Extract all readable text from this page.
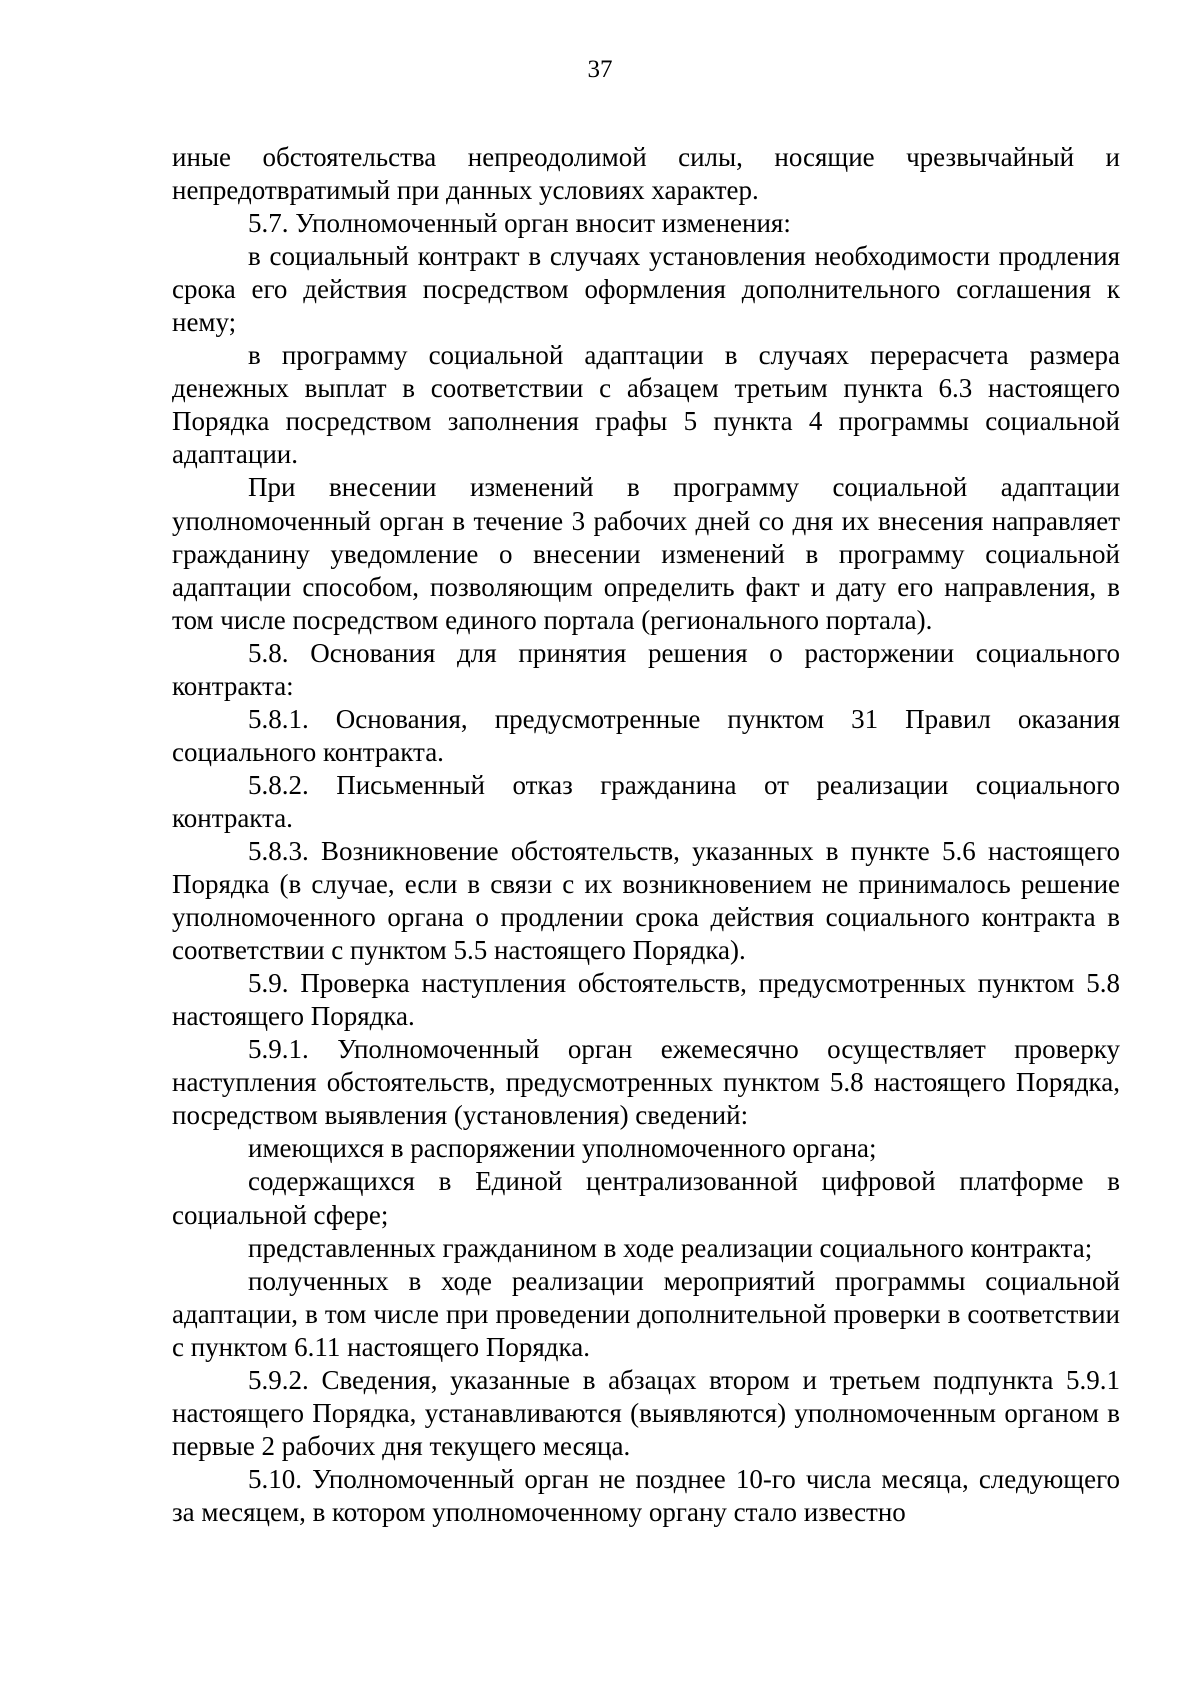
37

иные обстоятельства непреодолимой силы, носящие чрезвычайный и непредотвратимый при данных условиях характер.

5.7. Уполномоченный орган вносит изменения:

в социальный контракт в случаях установления необходимости продления срока его действия посредством оформления дополнительного соглашения к нему;

в программу социальной адаптации в случаях перерасчета размера денежных выплат в соответствии с абзацем третьим пункта 6.3 настоящего Порядка посредством заполнения графы 5 пункта 4 программы социальной адаптации.

При внесении изменений в программу социальной адаптации уполномоченный орган в течение 3 рабочих дней со дня их внесения направляет гражданину уведомление о внесении изменений в программу социальной адаптации способом, позволяющим определить факт и дату его направления, в том числе посредством единого портала (регионального портала).

5.8. Основания для принятия решения о расторжении социального контракта:

5.8.1. Основания, предусмотренные пунктом 31 Правил оказания социального контракта.

5.8.2. Письменный отказ гражданина от реализации социального контракта.

5.8.3. Возникновение обстоятельств, указанных в пункте 5.6 настоящего Порядка (в случае, если в связи с их возникновением не принималось решение уполномоченного органа о продлении срока действия социального контракта в соответствии с пунктом 5.5 настоящего Порядка).

5.9. Проверка наступления обстоятельств, предусмотренных пунктом 5.8 настоящего Порядка.

5.9.1. Уполномоченный орган ежемесячно осуществляет проверку наступления обстоятельств, предусмотренных пунктом 5.8 настоящего Порядка, посредством выявления (установления) сведений:

имеющихся в распоряжении уполномоченного органа;

содержащихся в Единой централизованной цифровой платформе в социальной сфере;

представленных гражданином в ходе реализации социального контракта;

полученных в ходе реализации мероприятий программы социальной адаптации, в том числе при проведении дополнительной проверки в соответствии с пунктом 6.11 настоящего Порядка.

5.9.2. Сведения, указанные в абзацах втором и третьем подпункта 5.9.1 настоящего Порядка, устанавливаются (выявляются) уполномоченным органом в первые 2 рабочих дня текущего месяца.

5.10. Уполномоченный орган не позднее 10-го числа месяца, следующего за месяцем, в котором уполномоченному органу стало известно
